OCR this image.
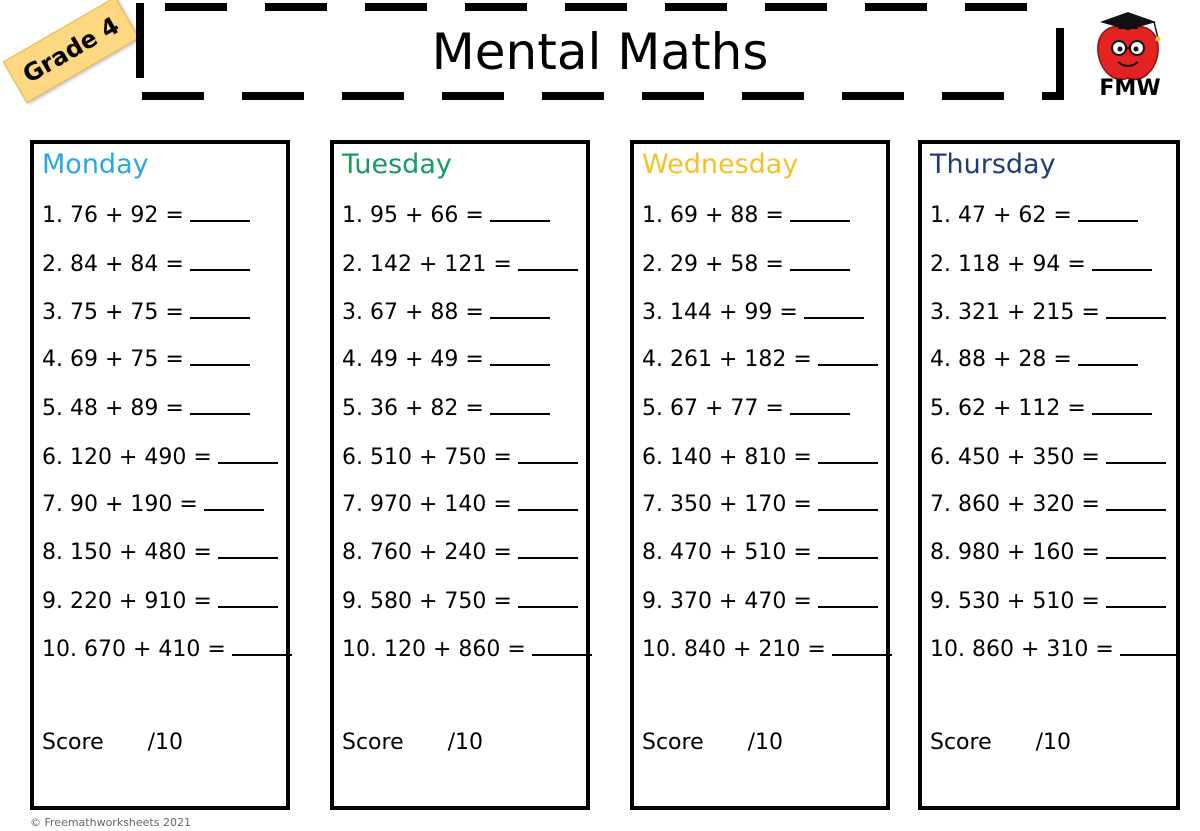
Grade 4	Mental Maths
FMW
Monday
1. 76 + 92 =
2. 84 + 84 =
3. 75 + 75 =
4. 69 + 75 =
5. 48 + 89 =
6. 120 + 490 =
7. 90 + 190 =
8. 150 + 480 =
9. 220 + 910 =
10. 670 + 410 =
Score /10
Tuesday
1. 95 + 66 =
2. 142 + 121 =
3. 67 + 88 =
4. 49 + 49 =
5. 36 + 82 =
6. 510 + 750 =
7. 970 + 140 =
8. 760 + 240 =
9. 580 + 750 =
10. 120 + 860 =
Score /10
Wednesday
1. 69 + 88 =
2. 29 + 58 =
3. 144 + 99 =
4. 261 + 182 =
5. 67 + 77 =
6. 140 + 810 =
7. 350 + 170 =
8. 470 + 510 =
9. 370 + 470 =
10. 840 + 210 =
Score /10
Thursday
1. 47 + 62 =
2. 118 + 94 =
3. 321 + 215 =
4. 88 + 28 =
5. 62 + 112 =
6. 450 + 350 =
7. 860 + 320 =
8. 980 + 160 =
9. 530 + 510 =
10. 860 + 310 =
Score /10
© Freemathworksheets 2021
